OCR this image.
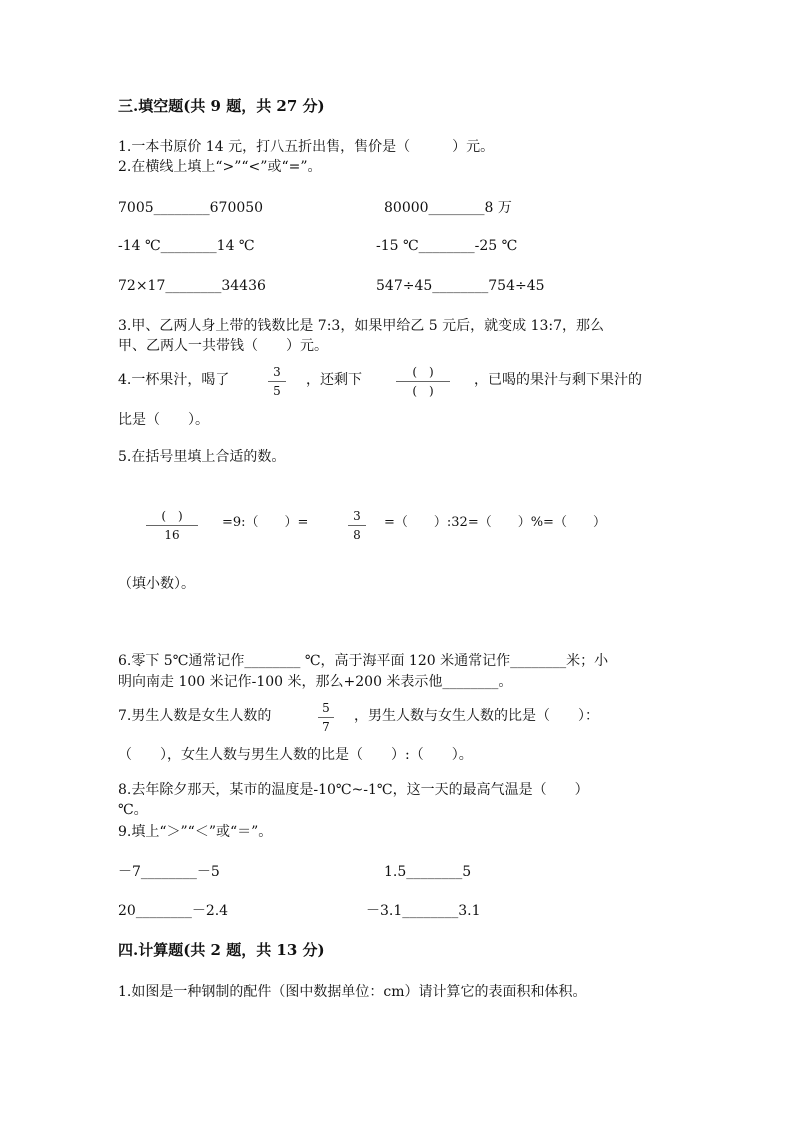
三.填空题(共 9 题，共 27 分)
1.一本书原价 14 元，打八五折出售，售价是（　　　）元。
2.在横线上填上“>”“<”或“=”。
7005________670050	80000________8 万
-14 ℃________14 ℃	-15 ℃________-25 ℃
72×17________34436	547÷45________754÷45
3.甲、乙两人身上带的钱数比是 7:3，如果甲给乙 5 元后，就变成 13:7，那么
甲、乙两人一共带钱（　　）元。
4.一杯果汁，喝了	3
5
，还剩下	(　)
(　)
，已喝的果汁与剩下果汁的
比是（　　）。
5.在括号里填上合适的数。
(　)
16
=9:（　　）=	3
8
=（　　）:32=（　　）%=（　　）
（填小数）。
6.零下 5℃通常记作________ ℃，高于海平面 120 米通常记作________米；小
明向南走 100 米记作-100 米，那么+200 米表示他________。
7.男生人数是女生人数的	5
7
，男生人数与女生人数的比是（　　）：
（　　），女生人数与男生人数的比是（　　）:（　　）。
8.去年除夕那天，某市的温度是-10℃~-1℃，这一天的最高气温是（　　）
℃。
9.填上“＞”“＜”或“＝”。
－7________－5	1.5________5
20________－2.4	－3.1________3.1
四.计算题(共 2 题，共 13 分)
1.如图是一种钢制的配件（图中数据单位：cm）请计算它的表面积和体积。
